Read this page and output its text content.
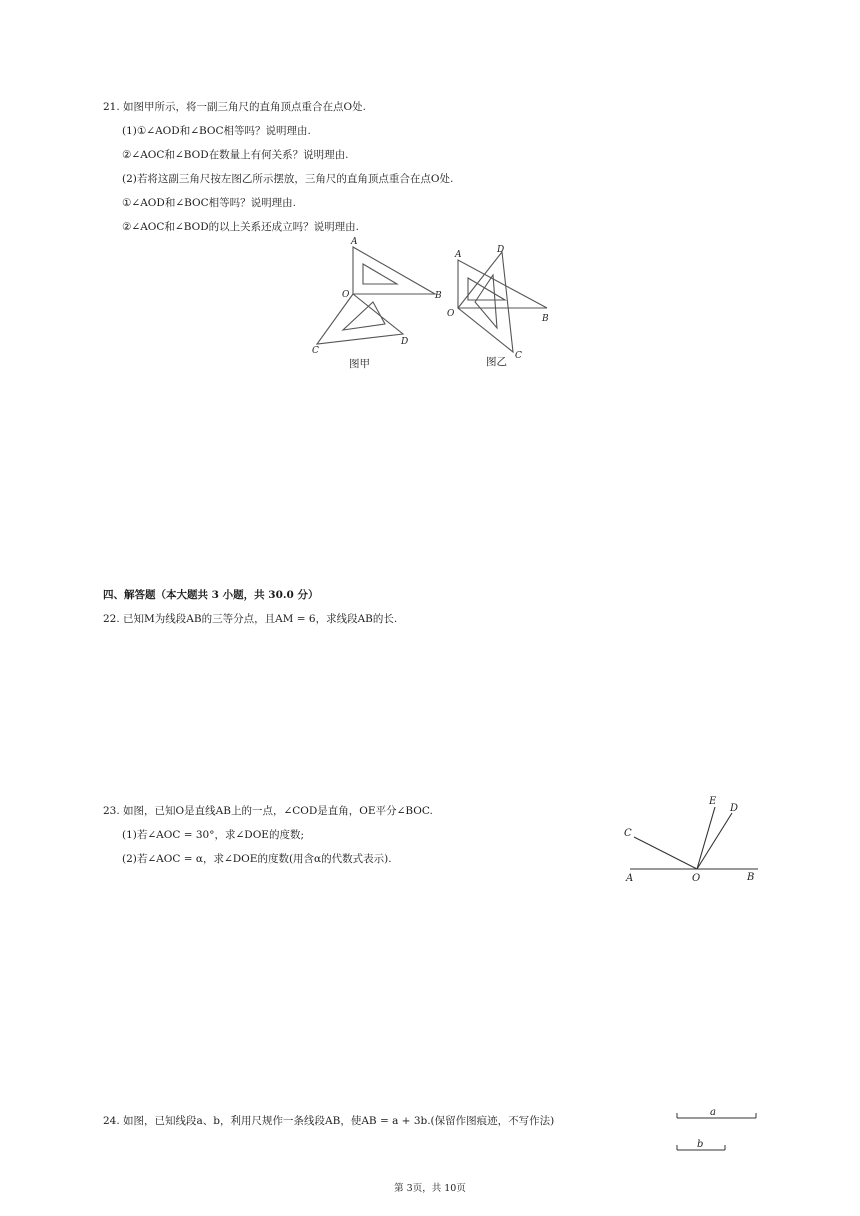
21. 如图甲所示，将一副三角尺的直角顶点重合在点O处.
(1)①∠AOD和∠BOC相等吗？说明理由.
②∠AOC和∠BOD在数量上有何关系？说明理由.
(2)若将这副三角尺按左图乙所示摆放，三角尺的直角顶点重合在点O处.
①∠AOD和∠BOC相等吗？说明理由.
②∠AOC和∠BOD的以上关系还成立吗？说明理由.
A
O	B
C
D
图甲
A	D
O	B
C
图乙
四、解答题（本大题共 3 小题，共 30.0 分）
22. 已知M为线段AB的三等分点，且AM = 6，求线段AB的长.
23. 如图，已知O是直线AB上的一点，∠COD是直角，OE平分∠BOC.
(1)若∠AOC = 30°，求∠DOE的度数;
(2)若∠AOC = α，求∠DOE的度数(用含α的代数式表示).
A	O	B
C
E
D
24. 如图，已知线段a、b，利用尺规作一条线段AB，使AB = a + 3b.(保留作图痕迹，不写作法)
a
b
第 3页，共 10页
